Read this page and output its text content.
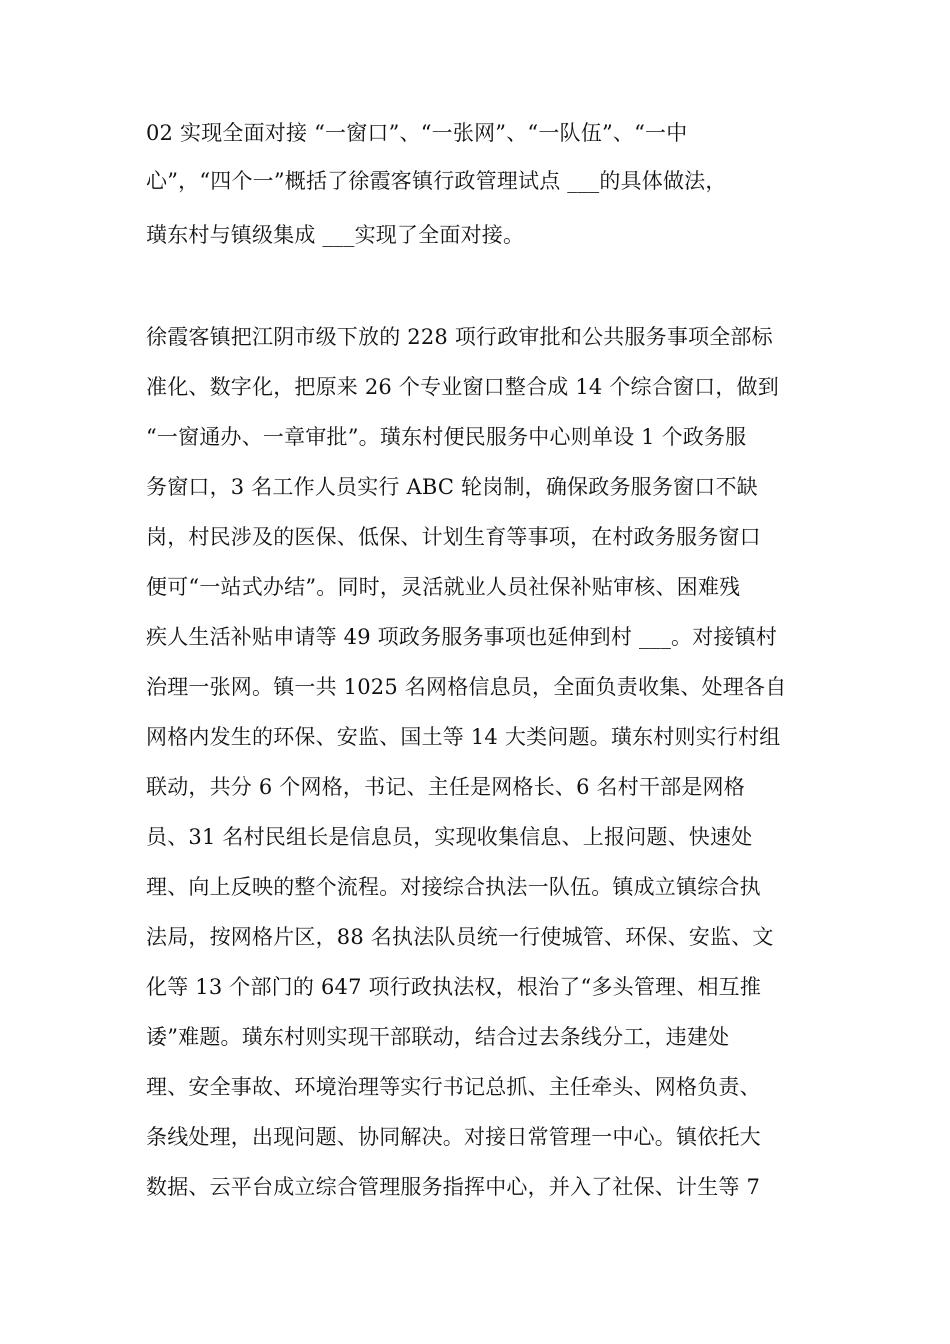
02 实现全面对接 “一窗口”、“一张网”、“一队伍”、“一中
心”，“四个一”概括了徐霞客镇行政管理试点 ___的具体做法，
璜东村与镇级集成 ___实现了全面对接。
徐霞客镇把江阴市级下放的 228 项行政审批和公共服务事项全部标
准化、数字化，把原来 26 个专业窗口整合成 14 个综合窗口，做到
“一窗通办、一章审批”。璜东村便民服务中心则单设 1 个政务服
务窗口，3 名工作人员实行 ABC 轮岗制，确保政务服务窗口不缺
岗，村民涉及的医保、低保、计划生育等事项，在村政务服务窗口
便可“一站式办结”。同时，灵活就业人员社保补贴审核、困难残
疾人生活补贴申请等 49 项政务服务事项也延伸到村 ___。对接镇村
治理一张网。镇一共 1025 名网格信息员，全面负责收集、处理各自
网格内发生的环保、安监、国土等 14 大类问题。璜东村则实行村组
联动，共分 6 个网格，书记、主任是网格长、6 名村干部是网格
员、31 名村民组长是信息员，实现收集信息、上报问题、快速处
理、向上反映的整个流程。对接综合执法一队伍。镇成立镇综合执
法局，按网格片区，88 名执法队员统一行使城管、环保、安监、文
化等 13 个部门的 647 项行政执法权，根治了“多头管理、相互推
诿”难题。璜东村则实现干部联动，结合过去条线分工，违建处
理、安全事故、环境治理等实行书记总抓、主任牵头、网格负责、
条线处理，出现问题、协同解决。对接日常管理一中心。镇依托大
数据、云平台成立综合管理服务指挥中心，并入了社保、计生等 7
